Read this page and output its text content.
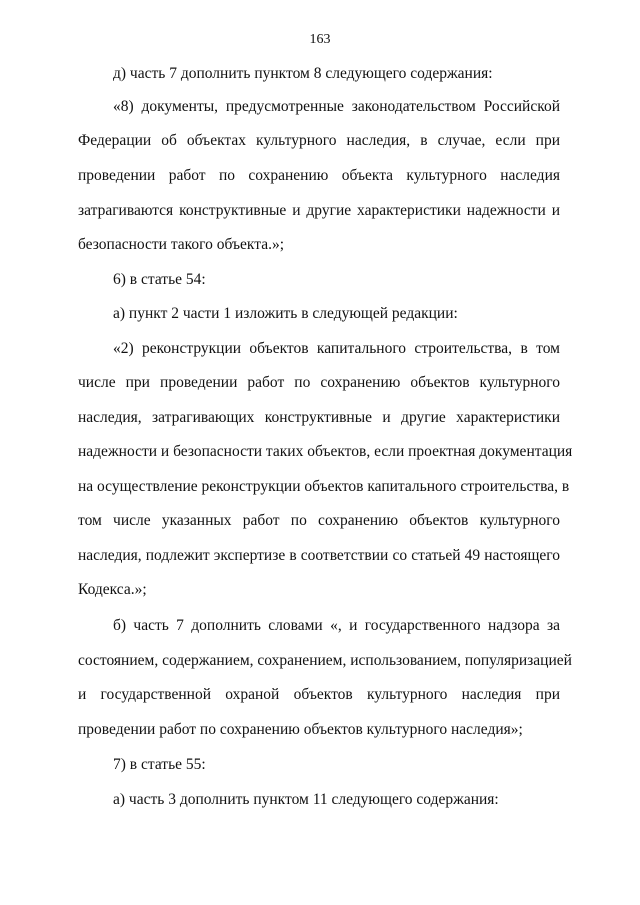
163
д) часть 7 дополнить пунктом 8 следующего содержания:
«8) документы, предусмотренные законодательством Российской
Федерации об объектах культурного наследия, в случае, если при
проведении работ по сохранению объекта культурного наследия
затрагиваются конструктивные и другие характеристики надежности и
безопасности такого объекта.»;
6) в статье 54:
а) пункт 2 части 1 изложить в следующей редакции:
«2) реконструкции объектов капитального строительства, в том
числе при проведении работ по сохранению объектов культурного
наследия, затрагивающих конструктивные и другие характеристики
надежности и безопасности таких объектов, если проектная документация
на осуществление реконструкции объектов капитального строительства, в
том числе указанных работ по сохранению объектов культурного
наследия, подлежит экспертизе в соответствии со статьей 49 настоящего
Кодекса.»;
б) часть 7 дополнить словами «, и государственного надзора за
состоянием, содержанием, сохранением, использованием, популяризацией
и государственной охраной объектов культурного наследия при
проведении работ по сохранению объектов культурного наследия»;
7) в статье 55:
а) часть 3 дополнить пунктом 11 следующего содержания:
